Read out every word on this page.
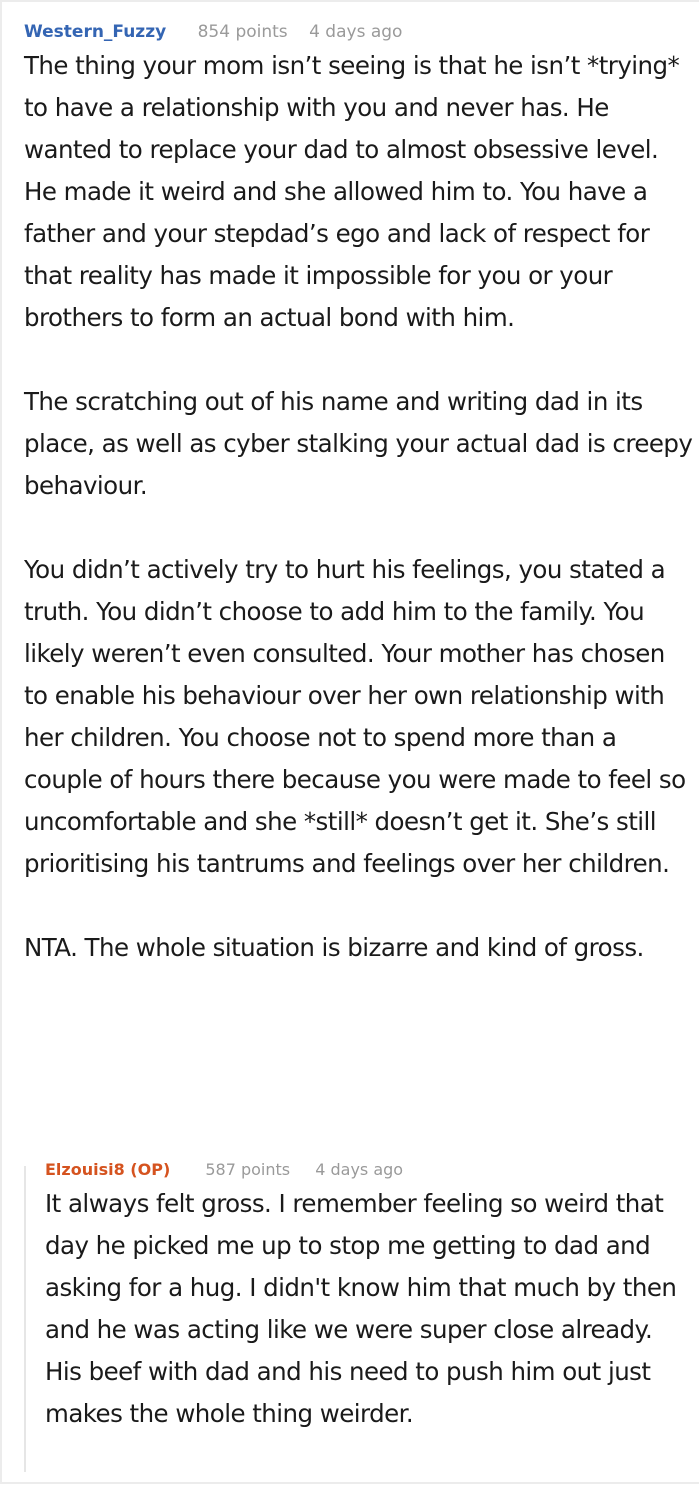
Western_Fuzzy 854 points 4 days ago

The thing your mom isn’t seeing is that he isn’t *trying* to have a relationship with you and never has. He wanted to replace your dad to almost obsessive level. He made it weird and she allowed him to. You have a father and your stepdad’s ego and lack of respect for that reality has made it impossible for you or your brothers to form an actual bond with him.

The scratching out of his name and writing dad in its place, as well as cyber stalking your actual dad is creepy behaviour.

You didn’t actively try to hurt his feelings, you stated a truth. You didn’t choose to add him to the family. You likely weren’t even consulted. Your mother has chosen to enable his behaviour over her own relationship with her children. You choose not to spend more than a couple of hours there because you were made to feel so uncomfortable and she *still* doesn’t get it. She’s still prioritising his tantrums and feelings over her children.

NTA. The whole situation is bizarre and kind of gross.

Elzouisi8 (OP) 587 points 4 days ago

It always felt gross. I remember feeling so weird that day he picked me up to stop me getting to dad and asking for a hug. I didn't know him that much by then and he was acting like we were super close already. His beef with dad and his need to push him out just makes the whole thing weirder.
